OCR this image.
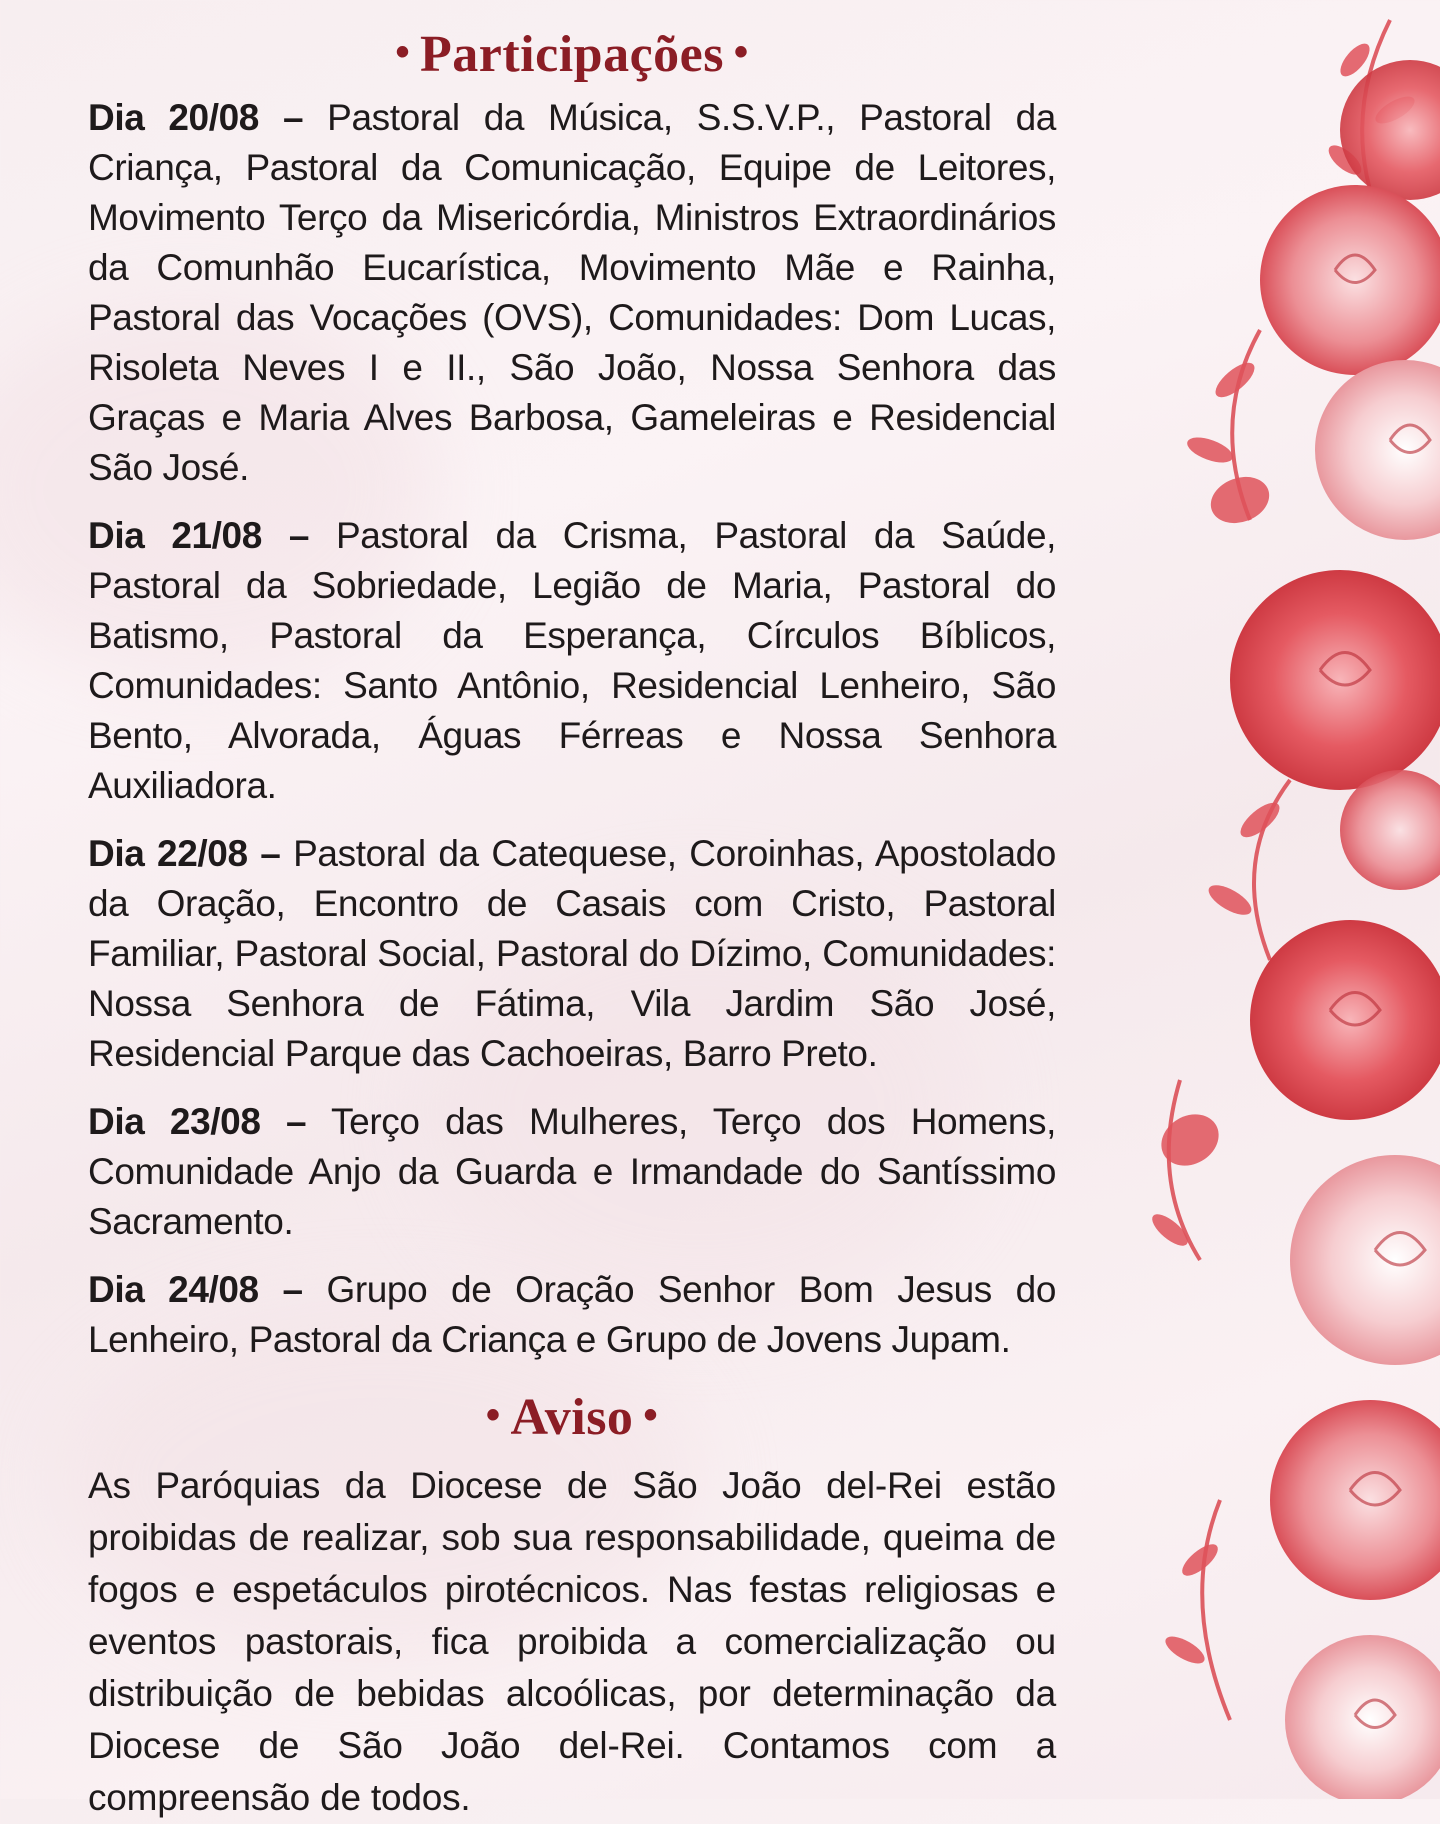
• Participações •

Dia 20/08 – Pastoral da Música, S.S.V.P., Pastoral da Criança, Pastoral da Comunicação, Equipe de Leitores, Movimento Terço da Misericórdia, Ministros Extraordinários da Comunhão Eucarística, Movimento Mãe e Rainha, Pastoral das Vocações (OVS), Comunidades: Dom Lucas, Risoleta Neves I e II., São João, Nossa Senhora das Graças e Maria Alves Barbosa, Gameleiras e Residencial São José.

Dia 21/08 – Pastoral da Crisma, Pastoral da Saúde, Pastoral da Sobriedade, Legião de Maria, Pastoral do Batismo, Pastoral da Esperança, Círculos Bíblicos, Comunidades: Santo Antônio, Residencial Lenheiro, São Bento, Alvorada, Águas Férreas e Nossa Senhora Auxiliadora.

Dia 22/08 – Pastoral da Catequese, Coroinhas, Apostolado da Oração, Encontro de Casais com Cristo, Pastoral Familiar, Pastoral Social, Pastoral do Dízimo, Comunidades: Nossa Senhora de Fátima, Vila Jardim São José, Residencial Parque das Cachoeiras, Barro Preto.

Dia 23/08 – Terço das Mulheres, Terço dos Homens, Comunidade Anjo da Guarda e Irmandade do Santíssimo Sacramento.

Dia 24/08 – Grupo de Oração Senhor Bom Jesus do Lenheiro, Pastoral da Criança e Grupo de Jovens Jupam.

• Aviso •

As Paróquias da Diocese de São João del-Rei estão proibidas de realizar, sob sua responsabilidade, queima de fogos e espetáculos pirotécnicos. Nas festas religiosas e eventos pastorais, fica proibida a comercialização ou distribuição de bebidas alcoólicas, por determinação da Diocese de São João del-Rei. Contamos com a compreensão de todos.
